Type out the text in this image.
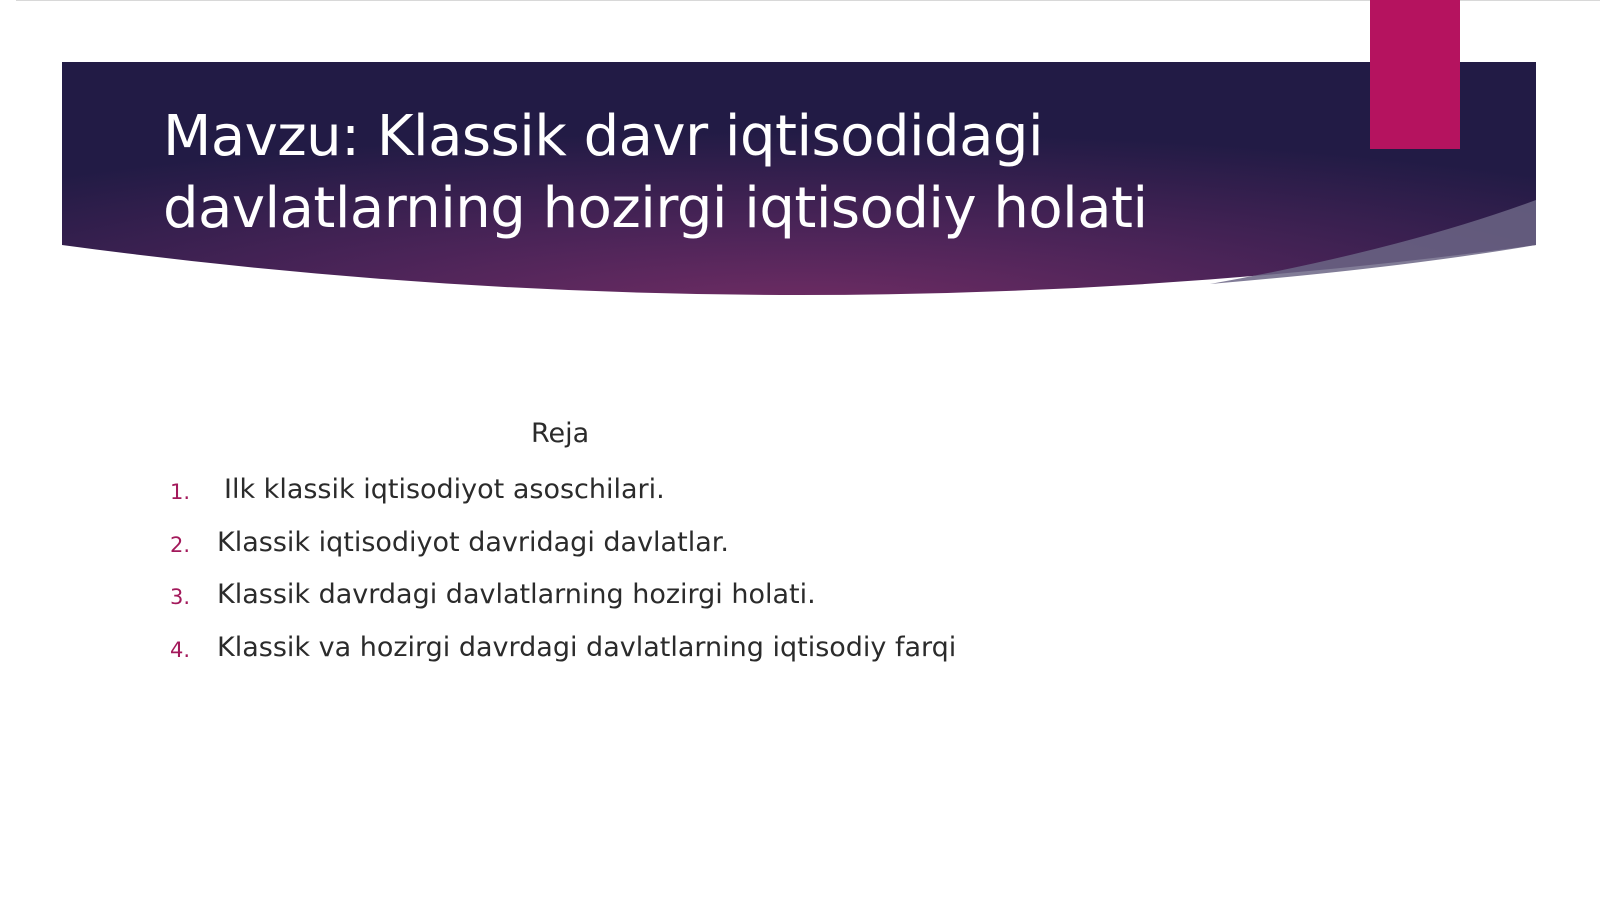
Mavzu: Klassik davr iqtisodidagi davlatlarning hozirgi iqtisodiy holati
Reja
1. Ilk klassik iqtisodiyot asoschilari.
2. Klassik iqtisodiyot davridagi davlatlar.
3. Klassik davrdagi davlatlarning hozirgi holati.
4. Klassik va hozirgi davrdagi davlatlarning iqtisodiy farqi
